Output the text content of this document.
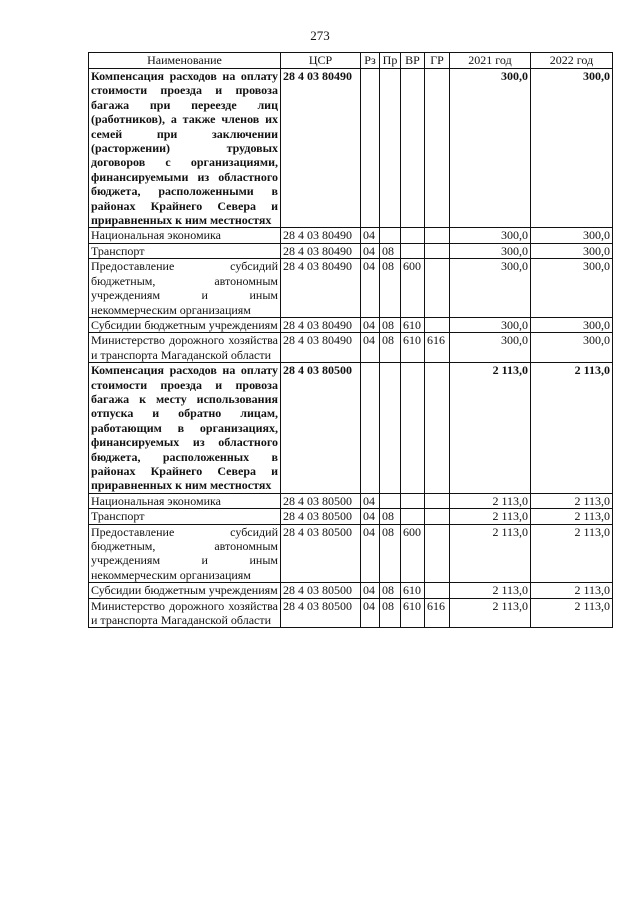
273
Наименование	ЦСР	Рз	Пр	ВР	ГР	2021 год	2022 год
Компенсация расходов на оплату стоимости проезда и провоза багажа при переезде лиц (работников), а также членов их семей при заключении (расторжении) трудовых договоров с организациями, финансируемыми из областного бюджета, расположенными в районах Крайнего Севера и приравненных к ним местностях	28 4 03 80490					300,0	300,0
Национальная экономика	28 4 03 80490	04				300,0	300,0
Транспорт	28 4 03 80490	04	08			300,0	300,0
Предоставление субсидий бюджетным, автономным учреждениям и иным некоммерческим организациям	28 4 03 80490	04	08	600		300,0	300,0
Субсидии бюджетным учреждениям	28 4 03 80490	04	08	610		300,0	300,0
Министерство дорожного хозяйства и транспорта Магаданской области	28 4 03 80490	04	08	610	616	300,0	300,0
Компенсация расходов на оплату стоимости проезда и провоза багажа к месту использования отпуска и обратно лицам, работающим в организациях, финансируемых из областного бюджета, расположенных в районах Крайнего Севера и приравненных к ним местностях	28 4 03 80500					2 113,0	2 113,0
Национальная экономика	28 4 03 80500	04				2 113,0	2 113,0
Транспорт	28 4 03 80500	04	08			2 113,0	2 113,0
Предоставление субсидий бюджетным, автономным учреждениям и иным некоммерческим организациям	28 4 03 80500	04	08	600		2 113,0	2 113,0
Субсидии бюджетным учреждениям	28 4 03 80500	04	08	610		2 113,0	2 113,0
Министерство дорожного хозяйства и транспорта Магаданской области	28 4 03 80500	04	08	610	616	2 113,0	2 113,0
